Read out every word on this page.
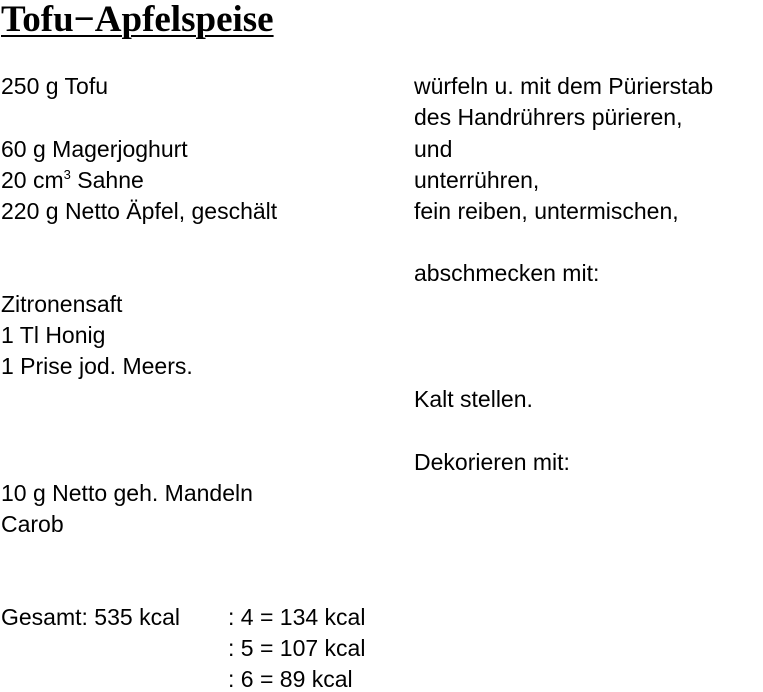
Tofu−Apfelspeise
250 g Tofu
60 g Magerjoghurt
20 $cm^3$ Sahne
220 g Netto Äpfel, geschält
Zitronensaft
1 Tl Honig
1 Prise jod. Meers.
10 g Netto geh. Mandeln
Carob
würfeln u. mit dem Pürierstab
des Handrührers pürieren,
und
unterrühren,
fein reiben, untermischen,
abschmecken mit:
Kalt stellen.
Dekorieren mit:
Gesamt: 535 kcal : 4 = 134 kcal
: 5 = 107 kcal
: 6 = 89 kcal
